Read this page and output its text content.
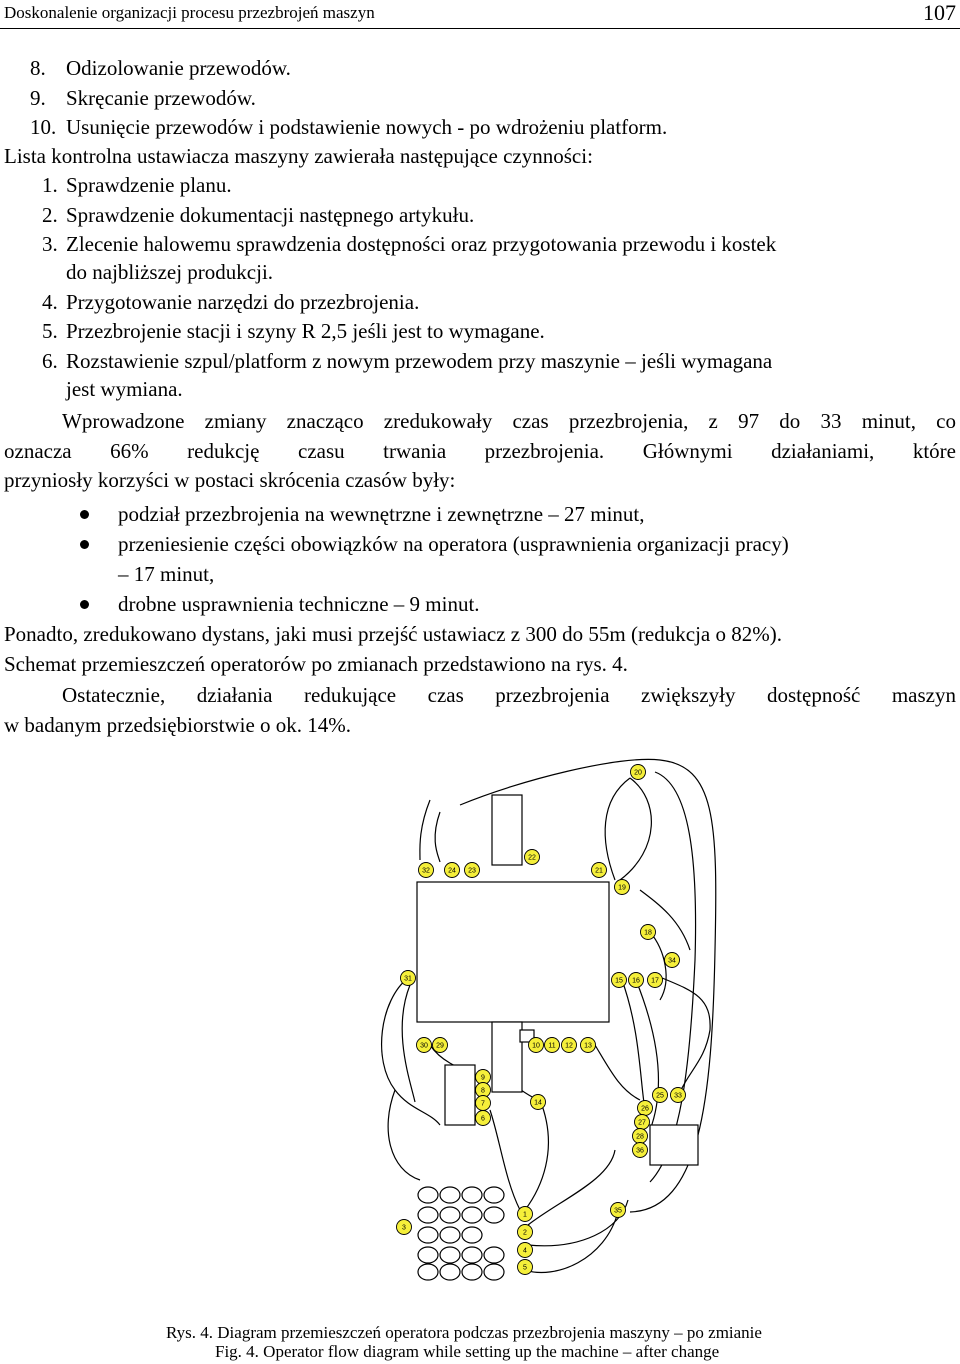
Doskonalenie organizacji procesu przezbrojeń maszyn	107
8. Odizolowanie przewodów.
9. Skręcanie przewodów.
10. Usunięcie przewodów i podstawienie nowych - po wdrożeniu platform.
Lista kontrolna ustawiacza maszyny zawierała następujące czynności:
1. Sprawdzenie planu.
2. Sprawdzenie dokumentacji następnego artykułu.
3. Zlecenie halowemu sprawdzenia dostępności oraz przygotowania przewodu i kostek
do najbliższej produkcji.
4. Przygotowanie narzędzi do przezbrojenia.
5. Przezbrojenie stacji i szyny R 2,5 jeśli jest to wymagane.
6. Rozstawienie szpul/platform z nowym przewodem przy maszynie – jeśli wymagana
jest wymiana.
Wprowadzone zmiany znacząco zredukowały czas przezbrojenia, z 97 do 33 minut, co
oznacza 66% redukcję czasu trwania przezbrojenia. Głównymi działaniami, które
przyniosły korzyści w postaci skrócenia czasów były:
podział przezbrojenia na wewnętrzne i zewnętrzne – 27 minut,
przeniesienie części obowiązków na operatora (usprawnienia organizacji pracy)
– 17 minut,
drobne usprawnienia techniczne – 9 minut.
Ponadto, zredukowano dystans, jaki musi przejść ustawiacz z 300 do 55m (redukcja o 82%).
Schemat przemieszczeń operatorów po zmianach przedstawiono na rys. 4.
Ostatecznie, działania redukujące czas przezbrojenia zwiększyły dostępność maszyn
w badanym przedsiębiorstwie o ok. 14%.
20
22
32	24 23	21
19
18
34
31	15 16 17
30 29	10 11 12 13
9
8
7
6
14
25 33
26
27
28
36
35
1
2
3
4
5
Rys. 4. Diagram przemieszczeń operatora podczas przezbrojenia maszyny – po zmianie
Fig. 4. Operator flow diagram while setting up the machine – after change
